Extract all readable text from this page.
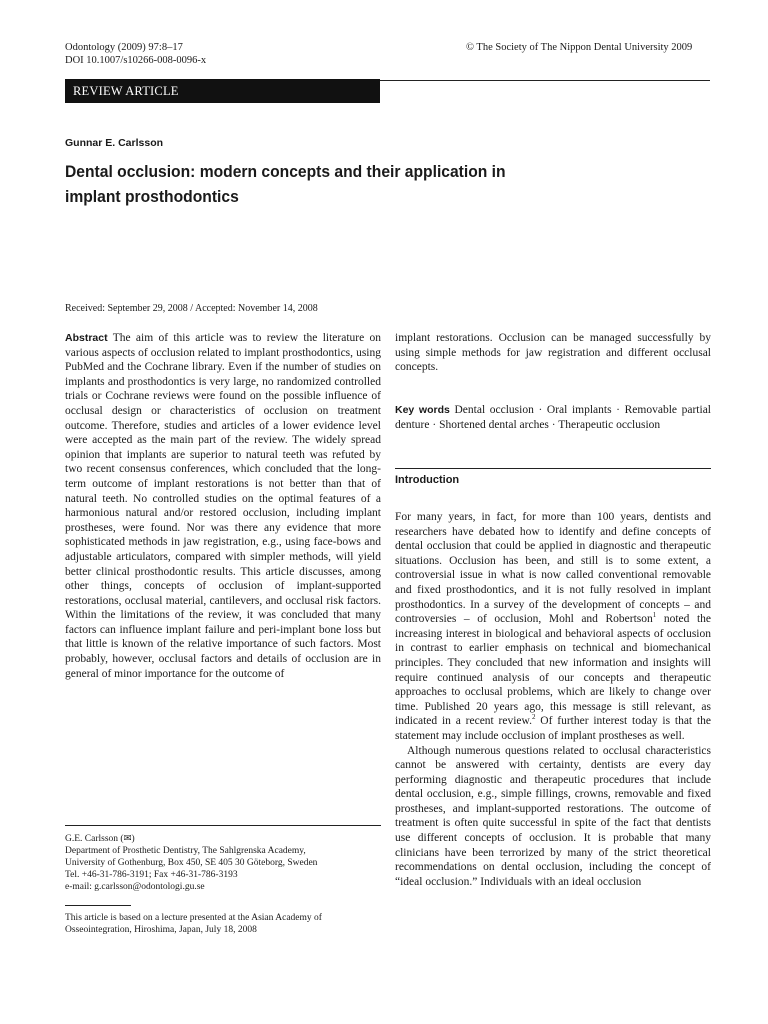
Odontology (2009) 97:8–17
DOI 10.1007/s10266-008-0096-x
© The Society of The Nippon Dental University 2009
REVIEW ARTICLE
Gunnar E. Carlsson
Dental occlusion: modern concepts and their application in
implant prosthodontics
Received: September 29, 2008 / Accepted: November 14, 2008

Abstract The aim of this article was to review the literature on various aspects of occlusion related to implant prosthodontics, using PubMed and the Cochrane library. Even if the number of studies on implants and prosthodontics is very large, no randomized controlled trials or Cochrane reviews were found on the possible influence of occlusal design or characteristics of occlusion on treatment outcome. Therefore, studies and articles of a lower evidence level were accepted as the main part of the review. The widely spread opinion that implants are superior to natural teeth was refuted by two recent consensus conferences, which concluded that the long-term outcome of implant restorations is not better than that of natural teeth. No controlled studies on the optimal features of a harmonious natural and/or restored occlusion, including implant prostheses, were found. Nor was there any evidence that more sophisticated methods in jaw registration, e.g., using face-bows and adjustable articulators, compared with simpler methods, will yield better clinical prosthodontic results. This article discusses, among other things, concepts of occlusion of implant-supported restorations, occlusal material, cantilevers, and occlusal risk factors. Within the limitations of the review, it was concluded that many factors can influence implant failure and peri-implant bone loss but that little is known of the relative importance of such factors. Most probably, however, occlusal factors and details of occlusion are in general of minor importance for the outcome of

implant restorations. Occlusion can be managed successfully by using simple methods for jaw registration and different occlusal concepts.

Key words Dental occlusion · Oral implants · Removable partial denture · Shortened dental arches · Therapeutic occlusion

Introduction

For many years, in fact, for more than 100 years, dentists and researchers have debated how to identify and define concepts of dental occlusion that could be applied in diagnostic and therapeutic situations. Occlusion has been, and still is to some extent, a controversial issue in what is now called conventional removable and fixed prosthodontics, and it is not fully resolved in implant prosthodontics. In a survey of the development of concepts – and controversies – of occlusion, Mohl and Robertson$^1$ noted the increasing interest in biological and behavioral aspects of occlusion in contrast to earlier emphasis on technical and biomechanical principles. They concluded that new information and insights will require continued analysis of our concepts and therapeutic approaches to occlusal problems, which are likely to change over time. Published 20 years ago, this message is still relevant, as indicated in a recent review.$^2$ Of further interest today is that the statement may include occlusion of implant prostheses as well.

Although numerous questions related to occlusal characteristics cannot be answered with certainty, dentists are every day performing diagnostic and therapeutic procedures that include dental occlusion, e.g., simple fillings, crowns, removable and fixed prostheses, and implant-supported restorations. The outcome of treatment is often quite successful in spite of the fact that dentists use different concepts of occlusion. It is probable that many clinicians have been terrorized by many of the strict theoretical recommendations on dental occlusion, including the concept of “ideal occlusion.” Individuals with an ideal occlusion

G.E. Carlsson (✉)
Department of Prosthetic Dentistry, The Sahlgrenska Academy,
University of Gothenburg, Box 450, SE 405 30 Göteborg, Sweden
Tel. +46-31-786-3191; Fax +46-31-786-3193
e-mail: g.carlsson@odontologi.gu.se
This article is based on a lecture presented at the Asian Academy of Osseointegration, Hiroshima, Japan, July 18, 2008
